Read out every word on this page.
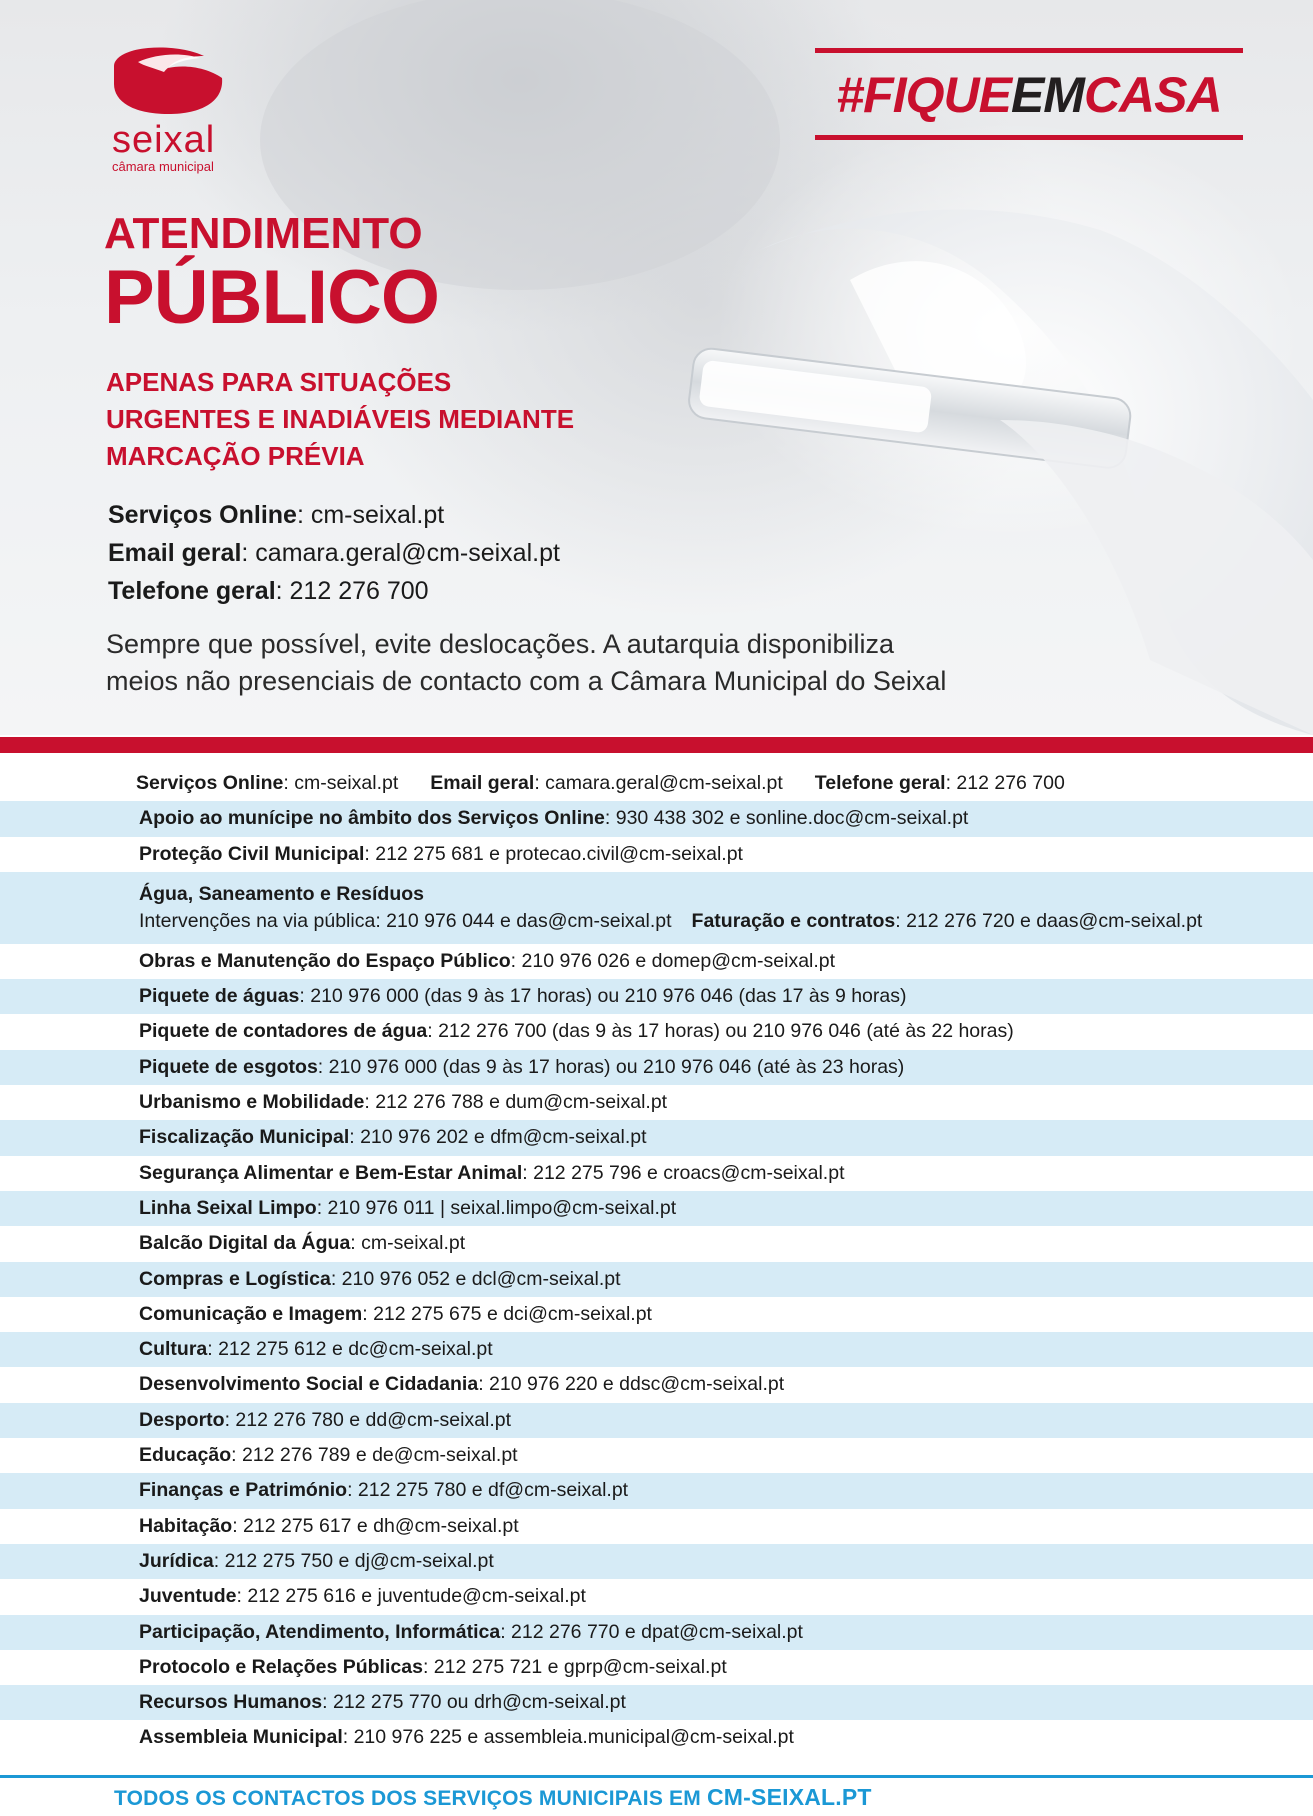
seixal
câmara municipal
#FIQUEEMCASA
ATENDIMENTO
PÚBLICO
APENAS PARA SITUAÇÕES
URGENTES E INADIÁVEIS MEDIANTE
MARCAÇÃO PRÉVIA
Serviços Online: cm-seixal.pt
Email geral: camara.geral@cm-seixal.pt
Telefone geral: 212 276 700
Sempre que possível, evite deslocações. A autarquia disponibiliza
meios não presenciais de contacto com a Câmara Municipal do Seixal
Serviços Online: cm-seixal.pt Email geral: camara.geral@cm-seixal.pt Telefone geral: 212 276 700
Apoio ao munícipe no âmbito dos Serviços Online: 930 438 302 e sonline.doc@cm-seixal.pt
Proteção Civil Municipal: 212 275 681 e protecao.civil@cm-seixal.pt
Água, Saneamento e Resíduos
Intervenções na via pública: 210 976 044 e das@cm-seixal.pt Faturação e contratos: 212 276 720 e daas@cm-seixal.pt
Obras e Manutenção do Espaço Público: 210 976 026 e domep@cm-seixal.pt
Piquete de águas: 210 976 000 (das 9 às 17 horas) ou 210 976 046 (das 17 às 9 horas)
Piquete de contadores de água: 212 276 700 (das 9 às 17 horas) ou 210 976 046 (até às 22 horas)
Piquete de esgotos: 210 976 000 (das 9 às 17 horas) ou 210 976 046 (até às 23 horas)
Urbanismo e Mobilidade: 212 276 788 e dum@cm-seixal.pt
Fiscalização Municipal: 210 976 202 e dfm@cm-seixal.pt
Segurança Alimentar e Bem-Estar Animal: 212 275 796 e croacs@cm-seixal.pt
Linha Seixal Limpo: 210 976 011 | seixal.limpo@cm-seixal.pt
Balcão Digital da Água: cm-seixal.pt
Compras e Logística: 210 976 052 e dcl@cm-seixal.pt
Comunicação e Imagem: 212 275 675 e dci@cm-seixal.pt
Cultura: 212 275 612 e dc@cm-seixal.pt
Desenvolvimento Social e Cidadania: 210 976 220 e ddsc@cm-seixal.pt
Desporto: 212 276 780 e dd@cm-seixal.pt
Educação: 212 276 789 e de@cm-seixal.pt
Finanças e Património: 212 275 780 e df@cm-seixal.pt
Habitação: 212 275 617 e dh@cm-seixal.pt
Jurídica: 212 275 750 e dj@cm-seixal.pt
Juventude: 212 275 616 e juventude@cm-seixal.pt
Participação, Atendimento, Informática: 212 276 770 e dpat@cm-seixal.pt
Protocolo e Relações Públicas: 212 275 721 e gprp@cm-seixal.pt
Recursos Humanos: 212 275 770 ou drh@cm-seixal.pt
Assembleia Municipal: 210 976 225 e assembleia.municipal@cm-seixal.pt
TODOS OS CONTACTOS DOS SERVIÇOS MUNICIPAIS EM CM-SEIXAL.PT
